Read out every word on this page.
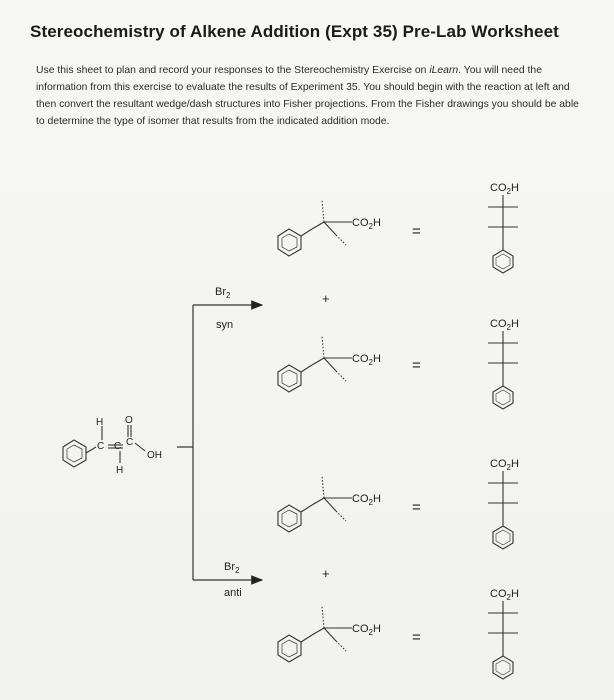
Stereochemistry of Alkene Addition (Expt 35) Pre-Lab Worksheet
Use this sheet to plan and record your responses to the Stereochemistry Exercise on iLearn. You will need the information from this exercise to evaluate the results of Experiment 35. You should begin with the reaction at left and then convert the resultant wedge/dash structures into Fisher projections. From the Fisher drawings you should be able to determine the type of isomer that results from the indicated addition mode.
H O
C C C
OH
H
$Br_2$
syn
$Br_2$
anti
+
+
$CO_2H$ =
$CO_2H$
$CO_2H$ =
$CO_2H$
$CO_2H$ =
$CO_2H$
$CO_2H$ =
$CO_2H$
